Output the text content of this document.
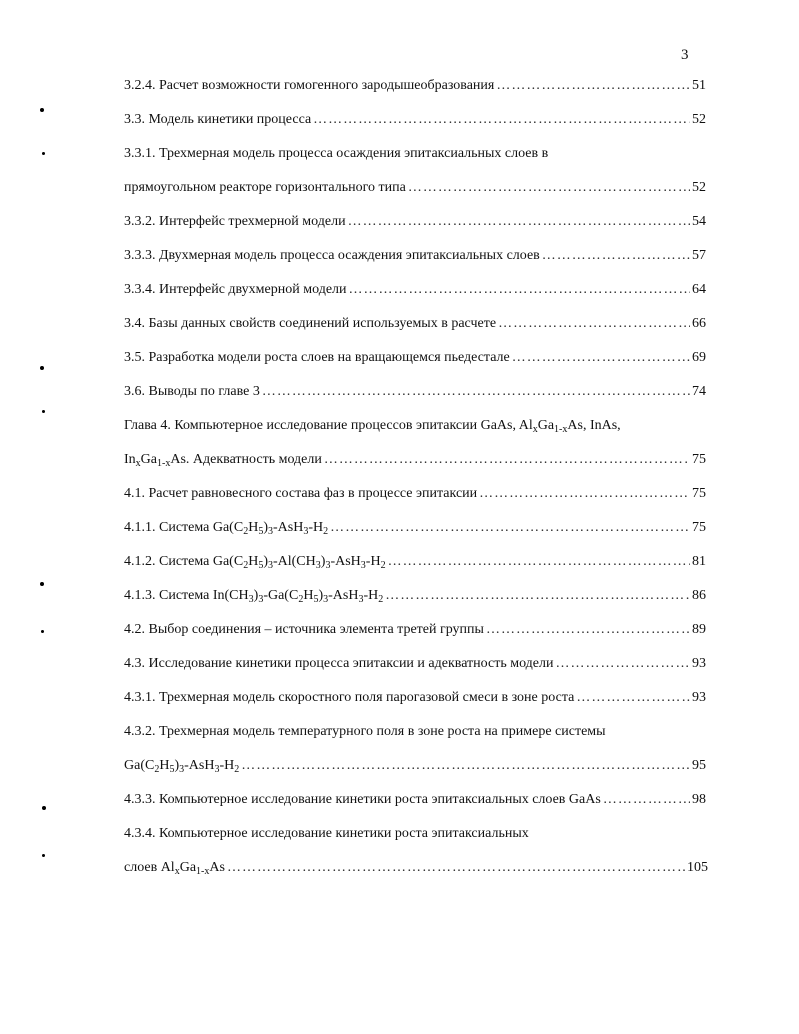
3
3.2.4. Расчет возможности гомогенного зародышеобразования …………………………………………………………………………………………………………………………………………………………………………	51
3.3. Модель кинетики процесса …………………………………………………………………………………………………………………………………………………………………………	52
3.3.1. Трехмерная модель процесса осаждения эпитаксиальных слоев в
прямоугольном реакторе горизонтального типа …………………………………………………………………………………………………………………………………………………………………………	52
3.3.2. Интерфейс трехмерной модели …………………………………………………………………………………………………………………………………………………………………………	54
3.3.3. Двухмерная модель процесса осаждения эпитаксиальных слоев …………………………………………………………………………………………………………………………………………………………………………	57
3.3.4. Интерфейс двухмерной модели …………………………………………………………………………………………………………………………………………………………………………	64
3.4. Базы данных свойств соединений используемых в расчете …………………………………………………………………………………………………………………………………………………………………………	66
3.5. Разработка модели роста слоев на вращающемся пьедестале …………………………………………………………………………………………………………………………………………………………………………	69
3.6. Выводы по главе 3 …………………………………………………………………………………………………………………………………………………………………………	74
Глава 4. Компьютерное исследование процессов эпитаксии GaAs, $Al_xGa_{1-x}As$, InAs,
$In_xGa_{1-x}As$. Адекватность модели …………………………………………………………………………………………………………………………………………………………………………	75
4.1. Расчет равновесного состава фаз в процессе эпитаксии …………………………………………………………………………………………………………………………………………………………………………	75
4.1.1. Система $Ga(C_2H_5)_3-AsH_3-H_2$ …………………………………………………………………………………………………………………………………………………………………………	75
4.1.2. Система $Ga(C_2H_5)_3-Al(CH_3)_3-AsH_3-H_2$ …………………………………………………………………………………………………………………………………………………………………………	81
4.1.3. Система $In(CH_3)_3-Ga(C_2H_5)_3-AsH_3-H_2$ …………………………………………………………………………………………………………………………………………………………………………	86
4.2. Выбор соединения – источника элемента третей группы …………………………………………………………………………………………………………………………………………………………………………	89
4.3. Исследование кинетики процесса эпитаксии и адекватность модели …………………………………………………………………………………………………………………………………………………………………………	93
4.3.1. Трехмерная модель скоростного поля парогазовой смеси в зоне роста …………………………………………………………………………………………………………………………………………………………………………	93
4.3.2. Трехмерная модель температурного поля в зоне роста на примере системы
$Ga(C_2H_5)_3-AsH_3-H_2$ …………………………………………………………………………………………………………………………………………………………………………	95
4.3.3. Компьютерное исследование кинетики роста эпитаксиальных слоев GaAs …………………………………………………………………………………………………………………………………………………………………………	98
4.3.4. Компьютерное исследование кинетики роста эпитаксиальных
слоев $Al_xGa_{1-x}As$ …………………………………………………………………………………………………………………………………………………………………………	105
